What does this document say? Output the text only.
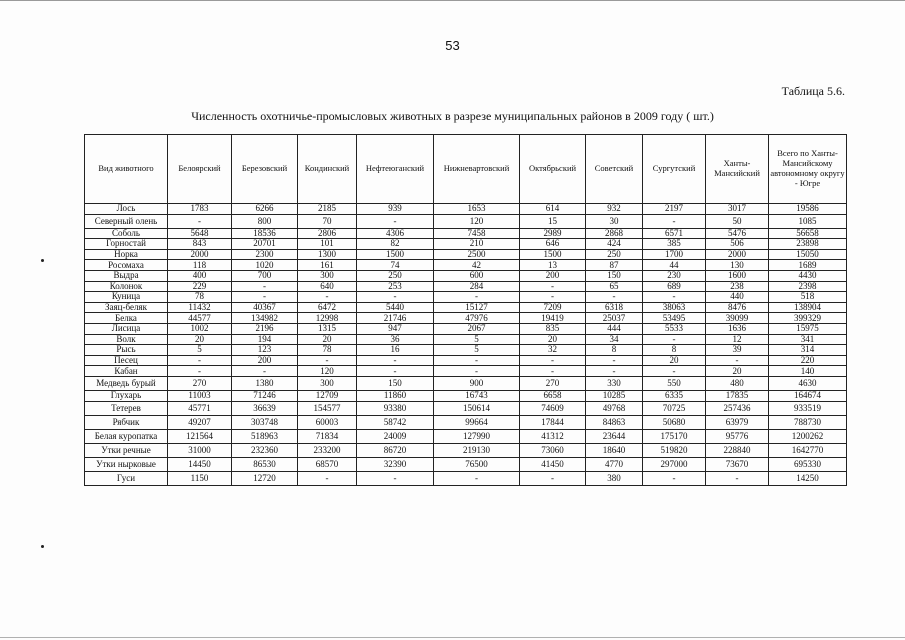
53
Таблица 5.6.
Численность охотничье-промысловых животных в разрезе муниципальных районов в 2009 году ( шт.)
Вид животного	Белоярский	Березовский	Кондинский	Нефтеюганский	Нижневартовский	Октябрьский	Советский	Сургутский	Ханты-Мансийский	Всего по Ханты-Мансийскому автономному округу - Югре
Лось	1783	6266	2185	939	1653	614	932	2197	3017	19586
Северный олень	-	800	70	-	120	15	30	-	50	1085
Соболь	5648	18536	2806	4306	7458	2989	2868	6571	5476	56658
Горностай	843	20701	101	82	210	646	424	385	506	23898
Норка	2000	2300	1300	1500	2500	1500	250	1700	2000	15050
Росомаха	118	1020	161	74	42	13	87	44	130	1689
Выдра	400	700	300	250	600	200	150	230	1600	4430
Колонок	229	-	640	253	284	-	65	689	238	2398
Куница	78	-	-	-	-	-	-	-	440	518
Заяц-беляк	11432	40367	6472	5440	15127	7209	6318	38063	8476	138904
Белка	44577	134982	12998	21746	47976	19419	25037	53495	39099	399329
Лисица	1002	2196	1315	947	2067	835	444	5533	1636	15975
Волк	20	194	20	36	5	20	34	-	12	341
Рысь	5	123	78	16	5	32	8	8	39	314
Песец	-	200	-	-	-	-	-	20	-	220
Кабан	-	-	120	-	-	-	-	-	20	140
Медведь бурый	270	1380	300	150	900	270	330	550	480	4630
Глухарь	11003	71246	12709	11860	16743	6658	10285	6335	17835	164674
Тетерев	45771	36639	154577	93380	150614	74609	49768	70725	257436	933519
Рябчик	49207	303748	60003	58742	99664	17844	84863	50680	63979	788730
Белая куропатка	121564	518963	71834	24009	127990	41312	23644	175170	95776	1200262
Утки речные	31000	232360	233200	86720	219130	73060	18640	519820	228840	1642770
Утки нырковые	14450	86530	68570	32390	76500	41450	4770	297000	73670	695330
Гуси	1150	12720	-	-	-	-	380	-	-	14250
